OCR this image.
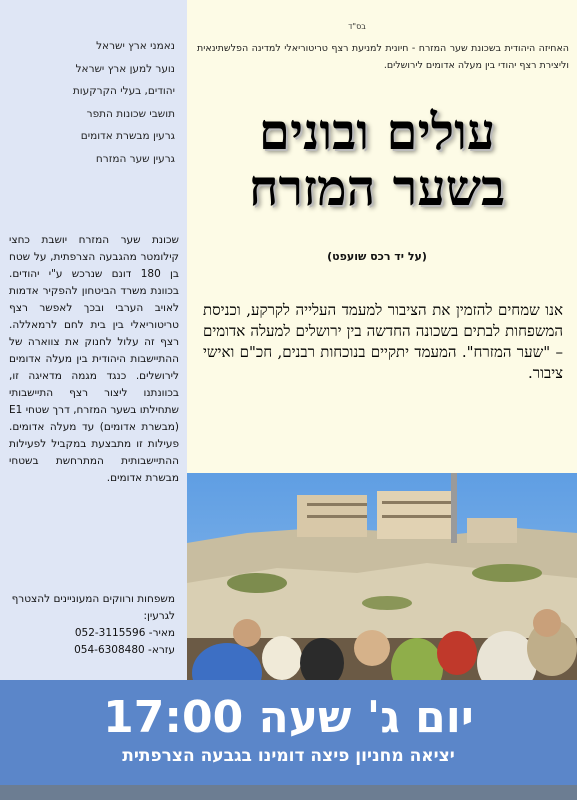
נאמני ארץ ישראל
נוער למען ארץ ישראל
יהודים, בעלי הקרקעות
תושבי שכונות התפר
גרעין מבשרת אדומים
גרעין שער המזרח
שכונת שער המזרח יושבת כחצי קילומטר מהגבעה הצרפתית, על שטח בן 180 דונם שנרכש ע"י יהודים. בכוונת משרד הביטחון להפקיר אדמות לאויב הערבי ובכך לאפשר רצף טריטוריאלי בין בית לחם לרמאללה. רצף זה עלול לחנוק את צווארה של ההתיישבות היהודית בין מעלה אדומים לירושלים. כנגד מגמה מדאיגה זו, בכוונתנו ליצור רצף התיישבותי שתחילתו בשער המזרח, דרך שטחי E1 (מבשרת אדומים) עד מעלה אדומים. פעילות זו מתבצעת במקביל לפעילות ההתיישבותית המתרחשת בשטחי מבשרת אדומים.
משפחות ורווקים המעוניינים להצטרף לגרעין:
052-3115596 -מאיר
054-6308480 -עזרא
בס"ד
האחיזה היהודית בשכונת שער המזרח - חיונית למניעת רצף טריטוריאלי למדינה הפלשתינאית וליצירת רצף יהודי בין מעלה אדומים לירושלים.
עולים ובונים
בשער המזרח
(על יד רכס שועפט)
אנו שמחים להזמין את הציבור למעמד העלייה לקרקע, וכניסת המשפחות לבתים בשכונה החדשה בין ירושלים למעלה אדומים – "שער המזרח". המעמד יתקיים בנוכחות רבנים, חכ"ם ואישי ציבור.
יום ג' שעה 17:00
יציאה מחניון פיצה דומינו בגבעה הצרפתית
